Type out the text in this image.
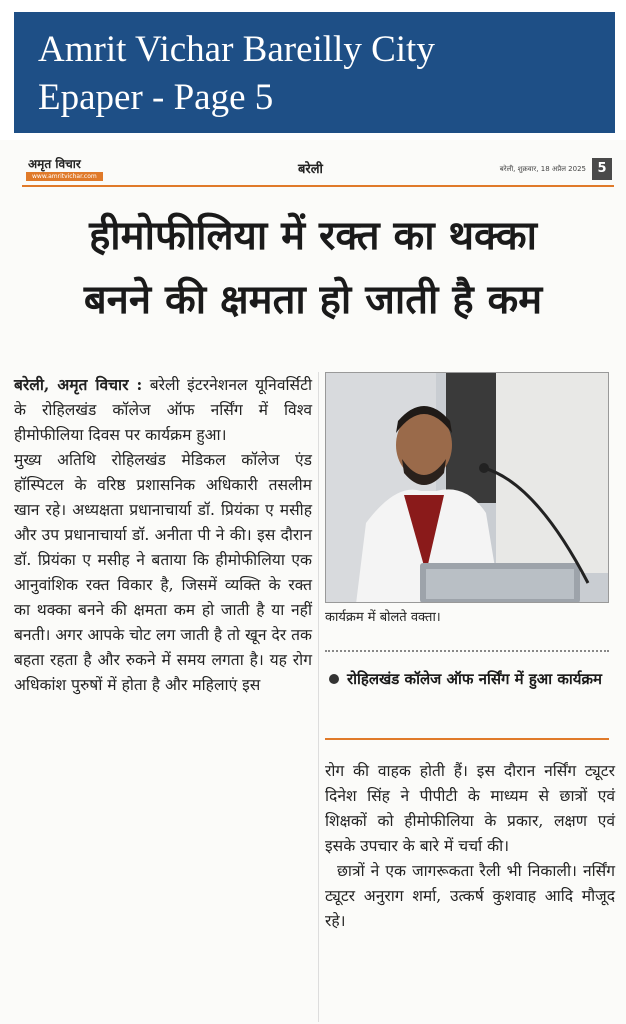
Amrit Vichar Bareilly City
Epaper - Page 5
अमृत विचार
www.amritvichar.com	बरेली	बरेली, शुक्रवार, 18 अप्रैल 2025 5
हीमोफीलिया में रक्त का थक्का
बनने की क्षमता हो जाती है कम

बरेली, अमृत विचार : बरेली इंटरनेशनल यूनिवर्सिटी के रोहिलखंड कॉलेज ऑफ नर्सिंग में विश्व हीमोफीलिया दिवस पर कार्यक्रम हुआ।

मुख्य अतिथि रोहिलखंड मेडिकल कॉलेज एंड हॉस्पिटल के वरिष्ठ प्रशासनिक अधिकारी तसलीम खान रहे। अध्यक्षता प्रधानाचार्या डॉ. प्रियंका ए मसीह और उप प्रधानाचार्या डॉ. अनीता पी ने की। इस दौरान डॉ. प्रियंका ए मसीह ने बताया कि हीमोफीलिया एक आनुवांशिक रक्त विकार है, जिसमें व्यक्ति के रक्त का थक्का बनने की क्षमता कम हो जाती है या नहीं बनती। अगर आपके चोट लग जाती है तो खून देर तक बहता रहता है और रुकने में समय लगता है। यह रोग अधिकांश पुरुषों में होता है और महिलाएं इस

कार्यक्रम में बोलते वक्ता।
रोहिलखंड कॉलेज ऑफ नर्सिंग में हुआ कार्यक्रम

रोग की वाहक होती हैं। इस दौरान नर्सिंग ट्यूटर दिनेश सिंह ने पीपीटी के माध्यम से छात्रों एवं शिक्षकों को हीमोफीलिया के प्रकार, लक्षण एवं इसके उपचार के बारे में चर्चा की।

छात्रों ने एक जागरूकता रैली भी निकाली। नर्सिंग ट्यूटर अनुराग शर्मा, उत्कर्ष कुशवाह आदि मौजूद रहे।
